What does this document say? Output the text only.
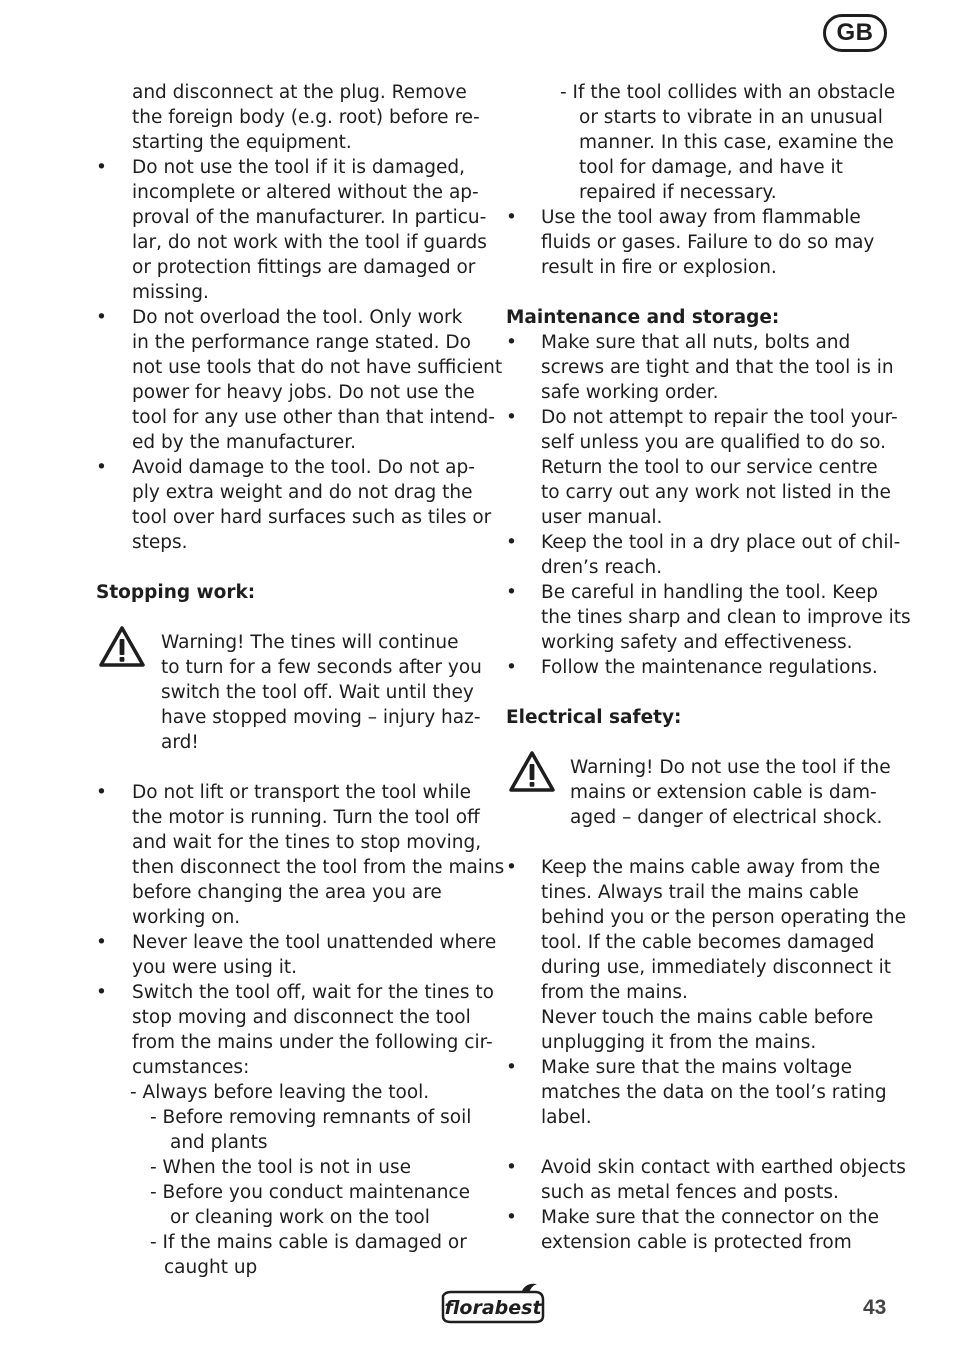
GB
and disconnect at the plug. Remove
the foreign body (e.g. root) before re-
starting the equipment.
• Do not use the tool if it is damaged,
incomplete or altered without the ap-
proval of the manufacturer. In particu-
lar, do not work with the tool if guards
or protection fittings are damaged or
missing.
• Do not overload the tool. Only work
in the performance range stated. Do
not use tools that do not have sufficient
power for heavy jobs. Do not use the
tool for any use other than that intend-
ed by the manufacturer.
• Avoid damage to the tool. Do not ap-
ply extra weight and do not drag the
tool over hard surfaces such as tiles or
steps.
Stopping work:
Warning! The tines will continue
to turn for a few seconds after you
switch the tool off. Wait until they
have stopped moving – injury haz-
ard!
• Do not lift or transport the tool while
the motor is running. Turn the tool off
and wait for the tines to stop moving,
then disconnect the tool from the mains
before changing the area you are
working on.
• Never leave the tool unattended where
you were using it.
• Switch the tool off, wait for the tines to
stop moving and disconnect the tool
from the mains under the following cir-
cumstances:
- Always before leaving the tool.
- Before removing remnants of soil
and plants
- When the tool is not in use
- Before you conduct maintenance
or cleaning work on the tool
- If the mains cable is damaged or
caught up
- If the tool collides with an obstacle
or starts to vibrate in an unusual
manner. In this case, examine the
tool for damage, and have it
repaired if necessary.
• Use the tool away from flammable
fluids or gases. Failure to do so may
result in fire or explosion.
Maintenance and storage:
• Make sure that all nuts, bolts and
screws are tight and that the tool is in
safe working order.
• Do not attempt to repair the tool your-
self unless you are qualified to do so.
Return the tool to our service centre
to carry out any work not listed in the
user manual.
• Keep the tool in a dry place out of chil-
dren’s reach.
• Be careful in handling the tool. Keep
the tines sharp and clean to improve its
working safety and effectiveness.
• Follow the maintenance regulations.
Electrical safety:
Warning! Do not use the tool if the
mains or extension cable is dam-
aged – danger of electrical shock.
• Keep the mains cable away from the
tines. Always trail the mains cable
behind you or the person operating the
tool. If the cable becomes damaged
during use, immediately disconnect it
from the mains.
Never touch the mains cable before
unplugging it from the mains.
• Make sure that the mains voltage
matches the data on the tool’s rating
label.
• Avoid skin contact with earthed objects
such as metal fences and posts.
• Make sure that the connector on the
extension cable is protected from
florabest	43
